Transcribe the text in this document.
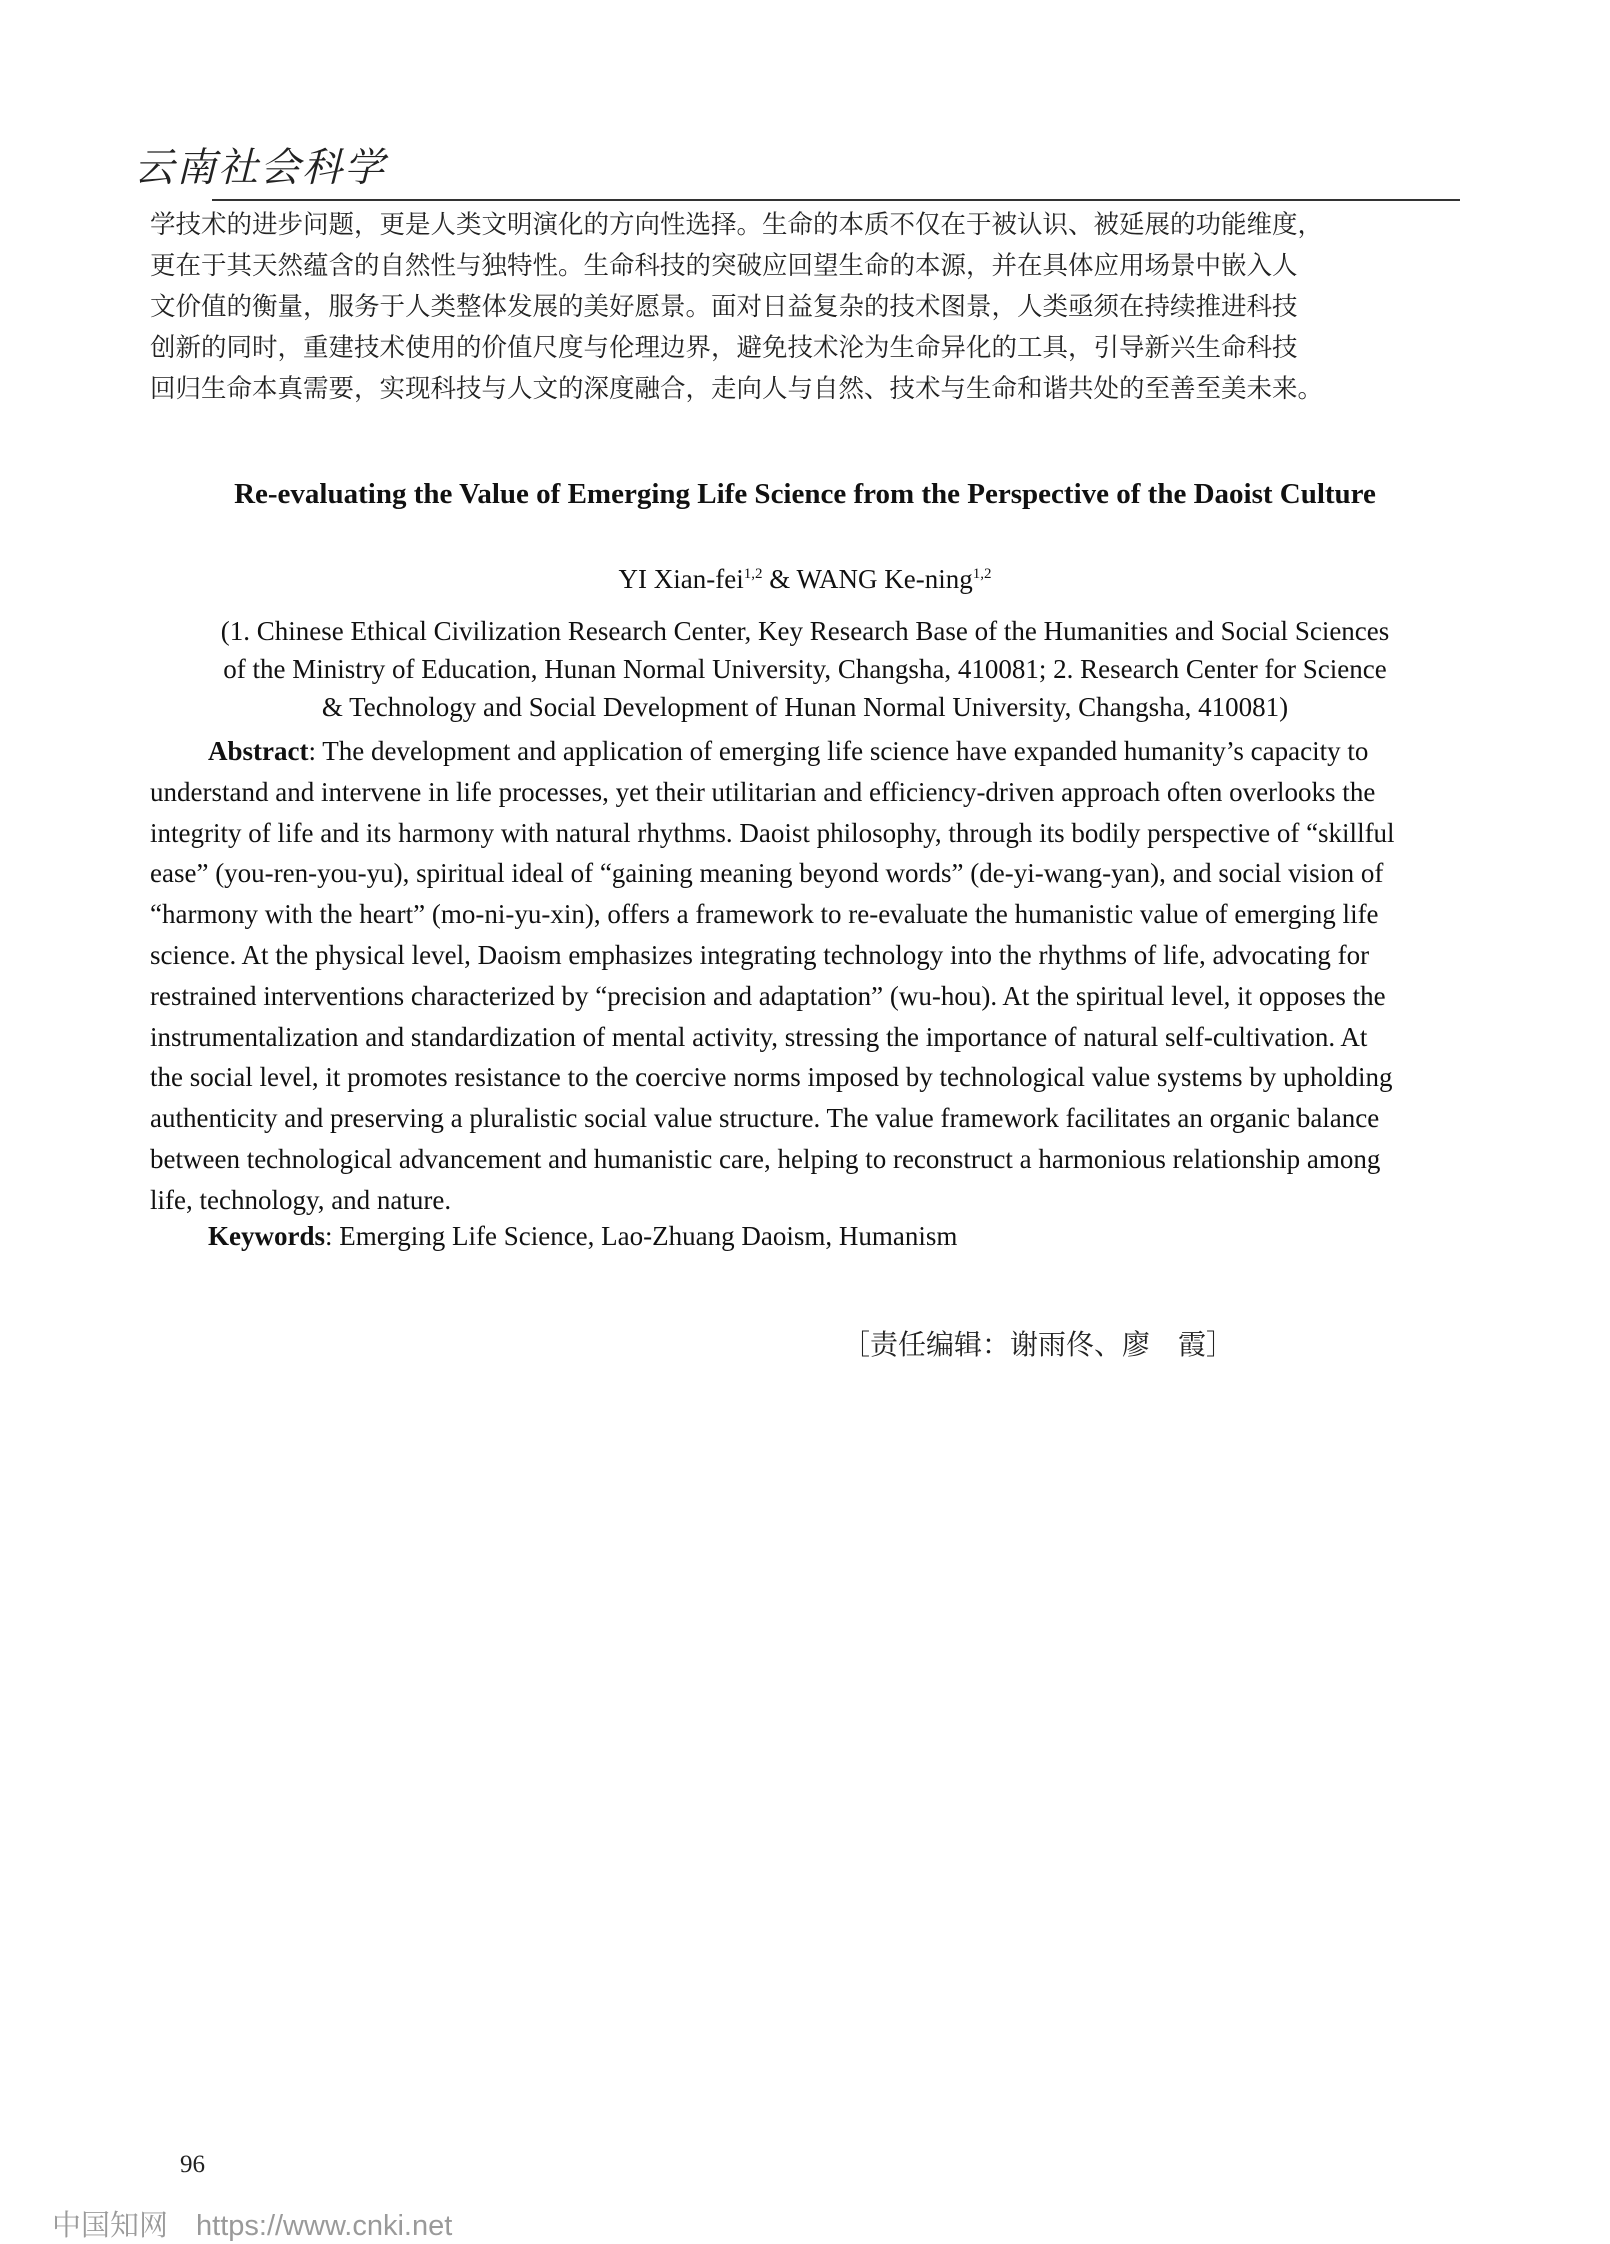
云南社会科学
学技术的进步问题，更是人类文明演化的方向性选择。生命的本质不仅在于被认识、被延展的功能维度，
更在于其天然蕴含的自然性与独特性。生命科技的突破应回望生命的本源，并在具体应用场景中嵌入人
文价值的衡量，服务于人类整体发展的美好愿景。面对日益复杂的技术图景，人类亟须在持续推进科技
创新的同时，重建技术使用的价值尺度与伦理边界，避免技术沦为生命异化的工具，引导新兴生命科技
回归生命本真需要，实现科技与人文的深度融合，走向人与自然、技术与生命和谐共处的至善至美未来。
Re-evaluating the Value of Emerging Life Science from the Perspective of the Daoist Culture
YI Xian-fei$^{1,2}$ & WANG Ke-ning$^{1,2}$
(1. Chinese Ethical Civilization Research Center, Key Research Base of the Humanities and Social Sciences
of the Ministry of Education, Hunan Normal University, Changsha, 410081; 2. Research Center for Science
& Technology and Social Development of Hunan Normal University, Changsha, 410081)
Abstract: The development and application of emerging life science have expanded humanity’s capacity to
understand and intervene in life processes, yet their utilitarian and efficiency-driven approach often overlooks the
integrity of life and its harmony with natural rhythms. Daoist philosophy, through its bodily perspective of “skillful
ease” (you-ren-you-yu), spiritual ideal of “gaining meaning beyond words” (de-yi-wang-yan), and social vision of
“harmony with the heart” (mo-ni-yu-xin), offers a framework to re-evaluate the humanistic value of emerging life
science. At the physical level, Daoism emphasizes integrating technology into the rhythms of life, advocating for
restrained interventions characterized by “precision and adaptation” (wu-hou). At the spiritual level, it opposes the
instrumentalization and standardization of mental activity, stressing the importance of natural self-cultivation. At
the social level, it promotes resistance to the coercive norms imposed by technological value systems by upholding
authenticity and preserving a pluralistic social value structure. The value framework facilitates an organic balance
between technological advancement and humanistic care, helping to reconstruct a harmonious relationship among
life, technology, and nature.
Keywords: Emerging Life Science, Lao-Zhuang Daoism, Humanism
［责任编辑：谢雨佟、廖　霞］
96
中国知网 https://www.cnki.net
